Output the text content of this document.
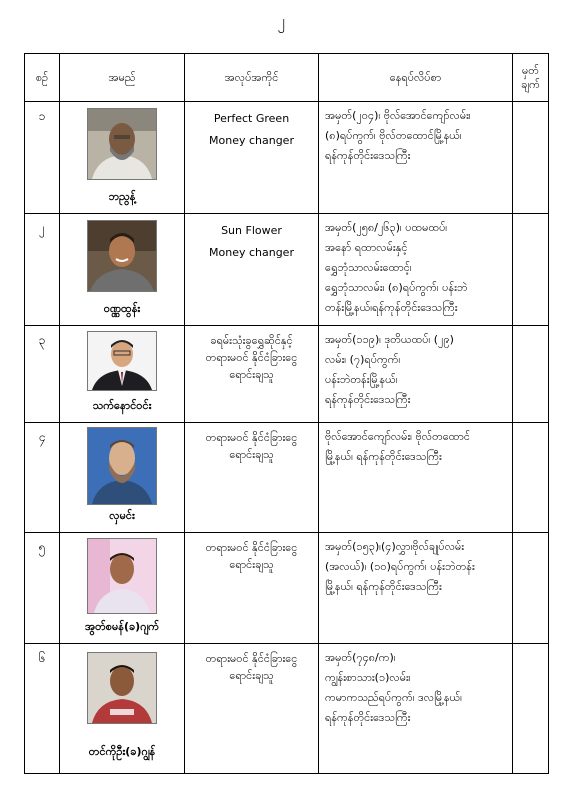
၂
စဉ်	အမည်	အလုပ်အကိုင်	နေရပ်လိပ်စာ	မှတ်
ချက်

၁	ဘညွန့်	Perfect Green
Money changer	အမှတ်(၂၀၄)၊ ဗိုလ်အောင်ကျော်လမ်း၊
(၈)ရပ်ကွက်၊ ဗိုလ်တထောင်မြို့နယ်၊
ရန်ကုန်တိုင်းဒေသကြီး	

၂	ဝဏ္ဏထွန်း	Sun Flower
Money changer	အမှတ်(၂၅၈/၂၆၃)၊ ပထမထပ်၊
အနော် ရထာလမ်းနှင့်
ရွှေဘုံသာလမ်းထောင့်၊
ရွှေဘုံသာလမ်း၊ (၈)ရပ်ကွက်၊ ပန်းဘဲ
တန်းမြို့နယ်၊ရန်ကုန်တိုင်းဒေသကြီး	

၃	သက်နောင်ဝင်း	ခရမ်းသုံးခွရွှေဆိုင်နှင့်
တရားမဝင် နိုင်ငံခြားငွေ
ရောင်းချသူ	အမှတ်(၁၁၉)၊ ဒုတိယထပ်၊ (၂၉)
လမ်း၊ (၇)ရပ်ကွက်၊
ပန်းဘဲတန်းမြို့နယ်၊
ရန်ကုန်တိုင်းဒေသကြီး	

၄	လှမင်း	တရားမဝင် နိုင်ငံခြားငွေ
ရောင်းချသူ	ဗိုလ်အောင်ကျော်လမ်း၊ ဗိုလ်တထောင်
မြို့နယ်၊ ရန်ကုန်တိုင်းဒေသကြီး	

၅	အွတ်စမန်(ခ)ဂျက်	တရားမဝင် နိုင်ငံခြားငွေ
ရောင်းချသူ	အမှတ်(၁၅၃)၊(၄)လွှာ၊ဗိုလ်ချုပ်လမ်း
(အလယ်)၊ (၁၀)ရပ်ကွက်၊ ပန်းဘဲတန်း
မြို့နယ်၊ ရန်ကုန်တိုင်းဒေသကြီး	

၆	တင်ကိုဦး(ခ)ဂျွန်	တရားမဝင် နိုင်ငံခြားငွေ
ရောင်းချသူ	အမှတ်(၇၄၈/က)၊
ကျွန်းစာသား(၁)လမ်း၊
ကမာကသည်ရပ်ကွက်၊ ဒလမြို့နယ်၊
ရန်ကုန်တိုင်းဒေသကြီး	
